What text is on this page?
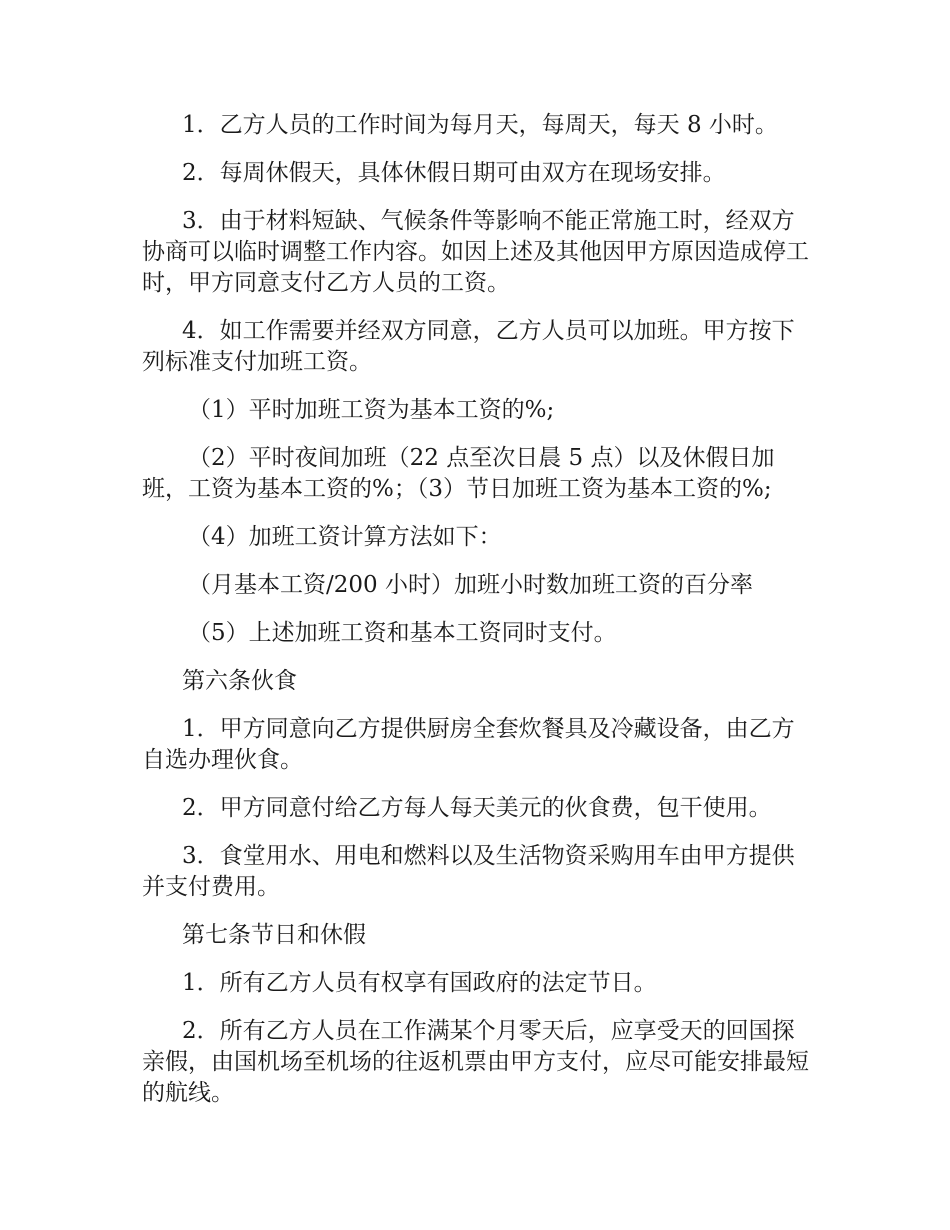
1．乙方人员的工作时间为每月天，每周天，每天 8 小时。

2．每周休假天，具体休假日期可由双方在现场安排。

3．由于材料短缺、气候条件等影响不能正常施工时，经双方协商可以临时调整工作内容。如因上述及其他因甲方原因造成停工时，甲方同意支付乙方人员的工资。

4．如工作需要并经双方同意，乙方人员可以加班。甲方按下列标准支付加班工资。

（1）平时加班工资为基本工资的%;

（2）平时夜间加班（22 点至次日晨 5 点）以及休假日加班，工资为基本工资的%；（3）节日加班工资为基本工资的%;

（4）加班工资计算方法如下：

（月基本工资/200 小时）加班小时数加班工资的百分率

（5）上述加班工资和基本工资同时支付。

第六条伙食

1．甲方同意向乙方提供厨房全套炊餐具及冷藏设备，由乙方自选办理伙食。

2．甲方同意付给乙方每人每天美元的伙食费，包干使用。

3．食堂用水、用电和燃料以及生活物资采购用车由甲方提供并支付费用。

第七条节日和休假

1．所有乙方人员有权享有国政府的法定节日。

2．所有乙方人员在工作满某个月零天后，应享受天的回国探亲假，由国机场至机场的往返机票由甲方支付，应尽可能安排最短的航线。
